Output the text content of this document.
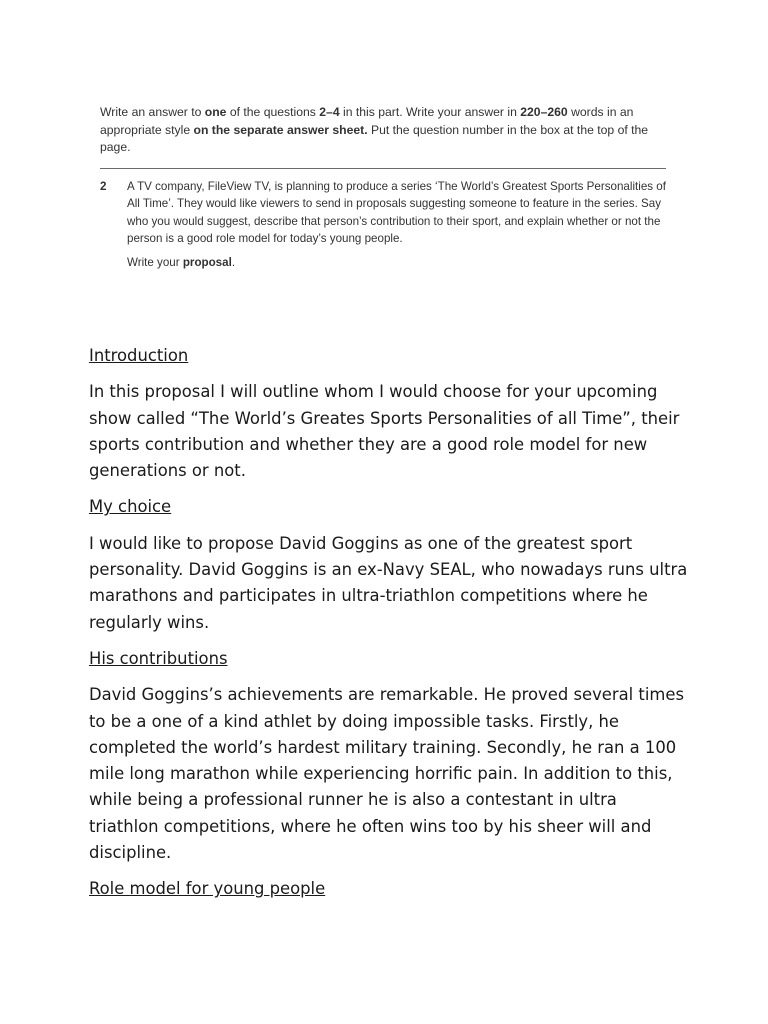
Write an answer to one of the questions 2–4 in this part. Write your answer in 220–260 words in an appropriate style on the separate answer sheet. Put the question number in the box at the top of the page.

2	A TV company, FileView TV, is planning to produce a series ‘The World’s Greatest Sports Personalities of All Time’. They would like viewers to send in proposals suggesting someone to feature in the series. Say who you would suggest, describe that person’s contribution to their sport, and explain whether or not the person is a good role model for today’s young people.

Write your proposal.

Introduction

In this proposal I will outline whom I would choose for your upcoming show called “The World’s Greates Sports Personalities of all Time”, their sports contribution and whether they are a good role model for new generations or not.

My choice

I would like to propose David Goggins as one of the greatest sport personality. David Goggins is an ex-Navy SEAL, who nowadays runs ultra marathons and participates in ultra-triathlon competitions where he regularly wins.

His contributions

David Goggins’s achievements are remarkable. He proved several times to be a one of a kind athlet by doing impossible tasks. Firstly, he completed the world’s hardest military training. Secondly, he ran a 100 mile long marathon while experiencing horrific pain. In addition to this, while being a professional runner he is also a contestant in ultra triathlon competitions, where he often wins too by his sheer will and discipline.

Role model for young people
